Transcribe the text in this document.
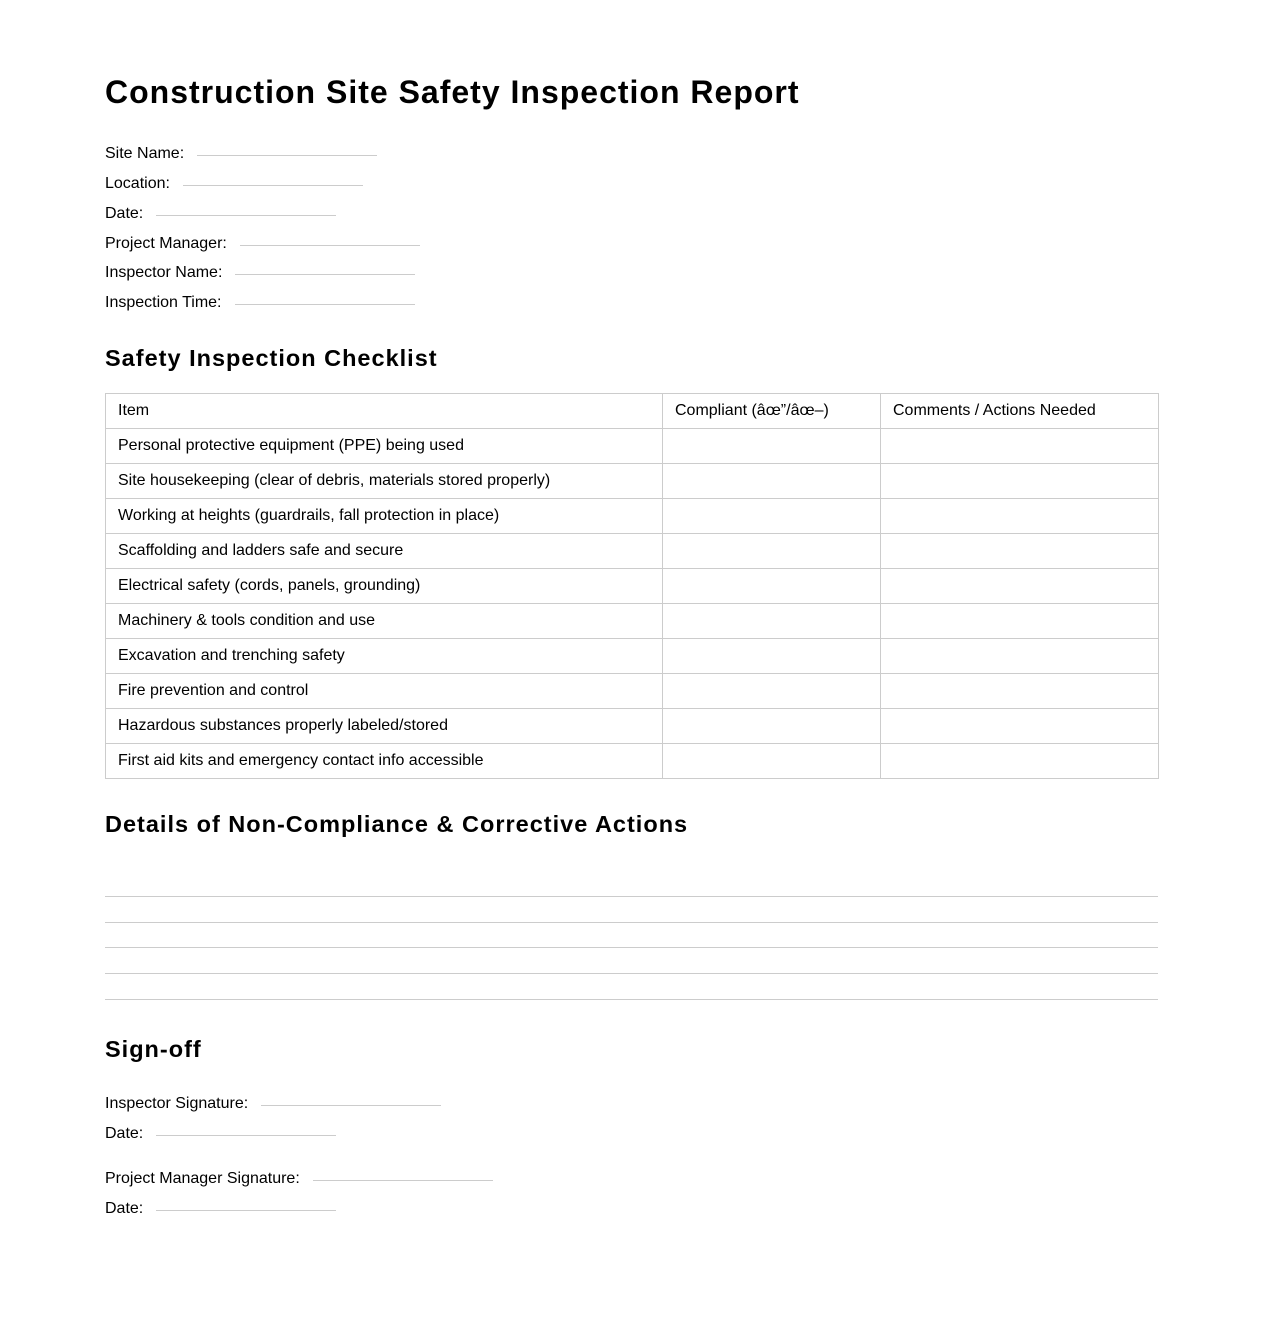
Construction Site Safety Inspection Report
Site Name:
Location:
Date:
Project Manager:
Inspector Name:
Inspection Time:
Safety Inspection Checklist
Item	Compliant (âœ”/âœ–)	Comments / Actions Needed
Personal protective equipment (PPE) being used		
Site housekeeping (clear of debris, materials stored properly)		
Working at heights (guardrails, fall protection in place)		
Scaffolding and ladders safe and secure		
Electrical safety (cords, panels, grounding)		
Machinery & tools condition and use		
Excavation and trenching safety		
Fire prevention and control		
Hazardous substances properly labeled/stored		
First aid kits and emergency contact info accessible		
Details of Non-Compliance & Corrective Actions
Sign-off
Inspector Signature:
Date:
Project Manager Signature:
Date:
